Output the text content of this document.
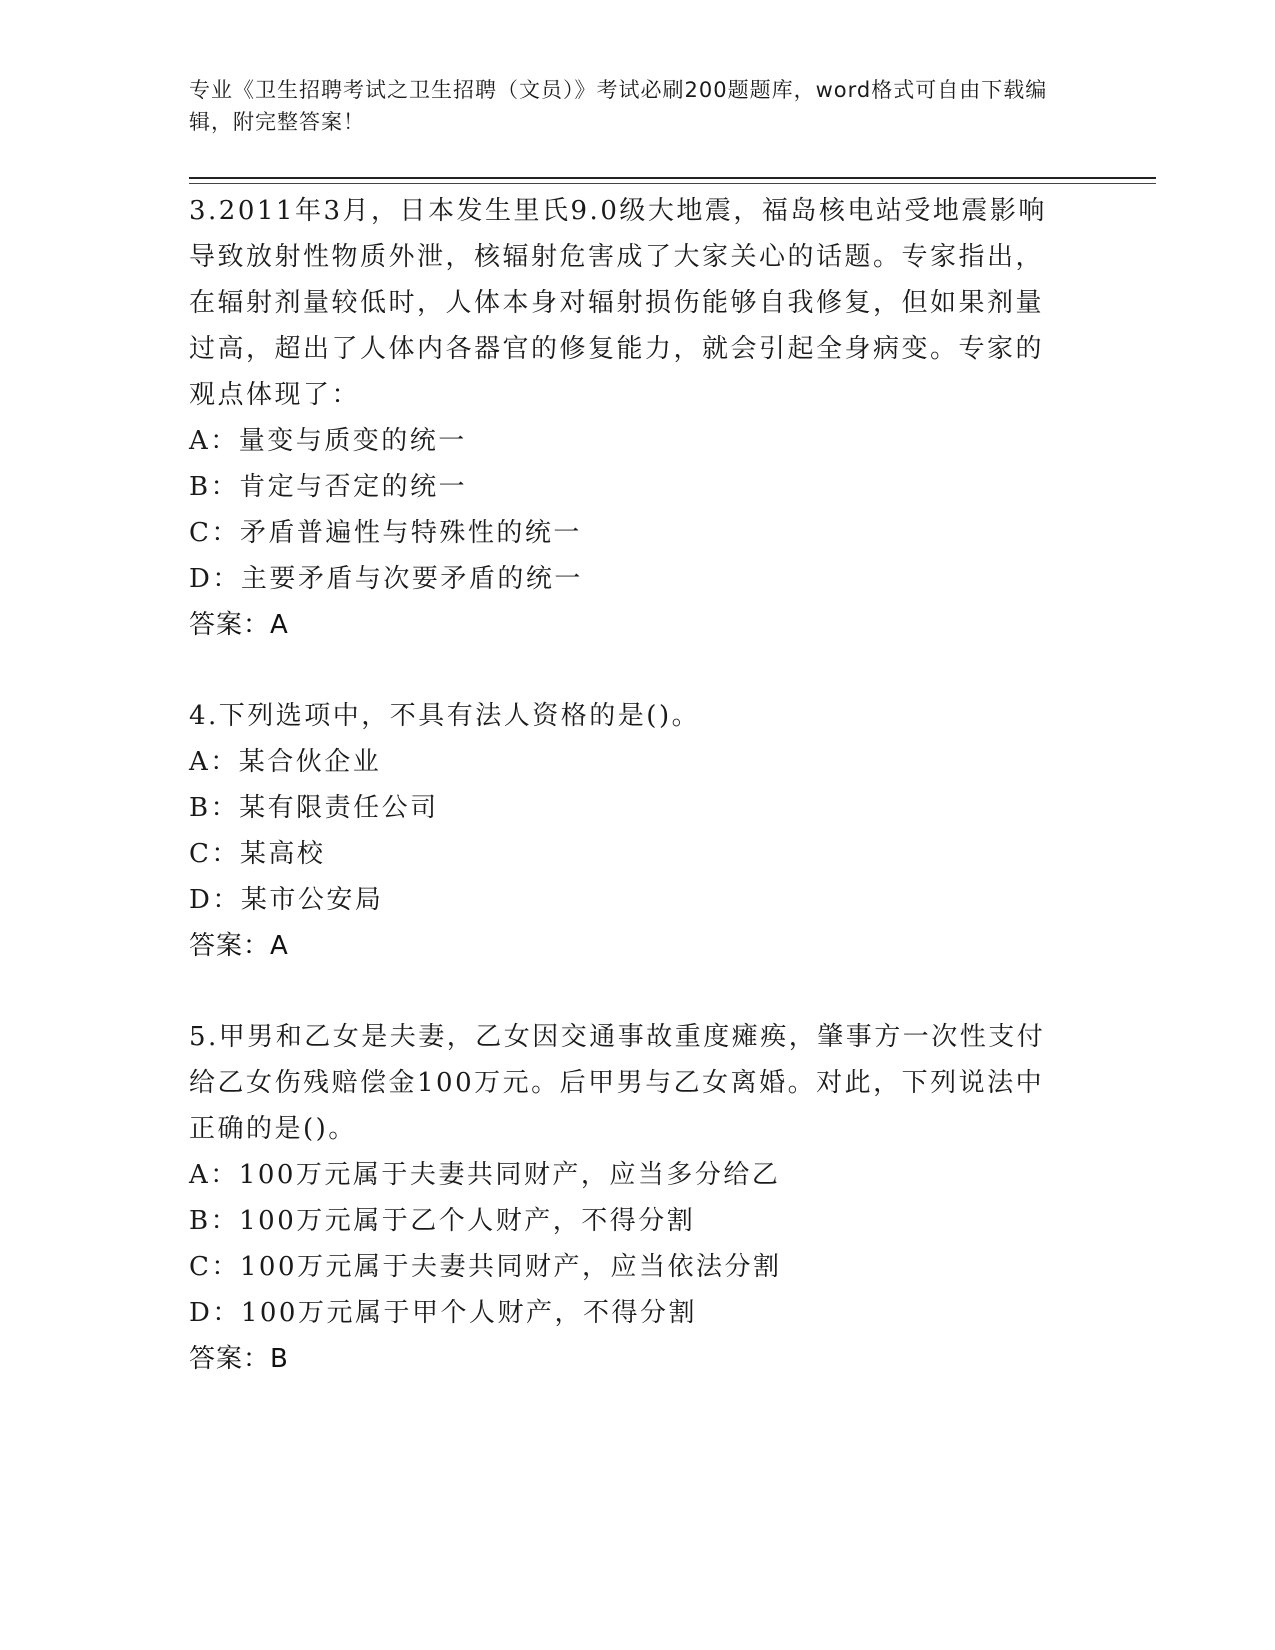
专业《卫生招聘考试之卫生招聘（文员）》考试必刷200题题库，word格式可自由下载编辑，附完整答案！

3.2011年3月，日本发生里氏9.0级大地震，福岛核电站受地震影响导致放射性物质外泄，核辐射危害成了大家关心的话题。专家指出，在辐射剂量较低时，人体本身对辐射损伤能够自我修复，但如果剂量过高，超出了人体内各器官的修复能力，就会引起全身病变。专家的观点体现了：

A：量变与质变的统一

B：肯定与否定的统一

C：矛盾普遍性与特殊性的统一

D：主要矛盾与次要矛盾的统一

答案：A

4.下列选项中，不具有法人资格的是()。

A：某合伙企业

B：某有限责任公司

C：某高校

D：某市公安局

答案：A

5.甲男和乙女是夫妻，乙女因交通事故重度瘫痪，肇事方一次性支付给乙女伤残赔偿金100万元。后甲男与乙女离婚。对此，下列说法中正确的是()。

A：100万元属于夫妻共同财产，应当多分给乙

B：100万元属于乙个人财产，不得分割

C：100万元属于夫妻共同财产，应当依法分割

D：100万元属于甲个人财产，不得分割

答案：B
